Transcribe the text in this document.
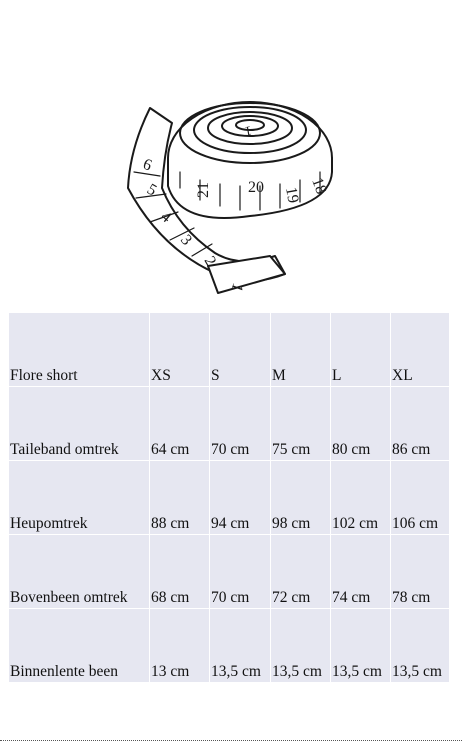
21 20 19 18
6
5
4
3
2
1
1
Flore short	XS	S	M	L	XL
Taileband omtrek	64 cm	70 cm	75 cm	80 cm	86 cm
Heupomtrek	88 cm	94 cm	98 cm	102 cm	106 cm
Bovenbeen omtrek	68 cm	70 cm	72 cm	74 cm	78 cm
Binnenlente been	13 cm	13,5 cm	13,5 cm	13,5 cm	13,5 cm
